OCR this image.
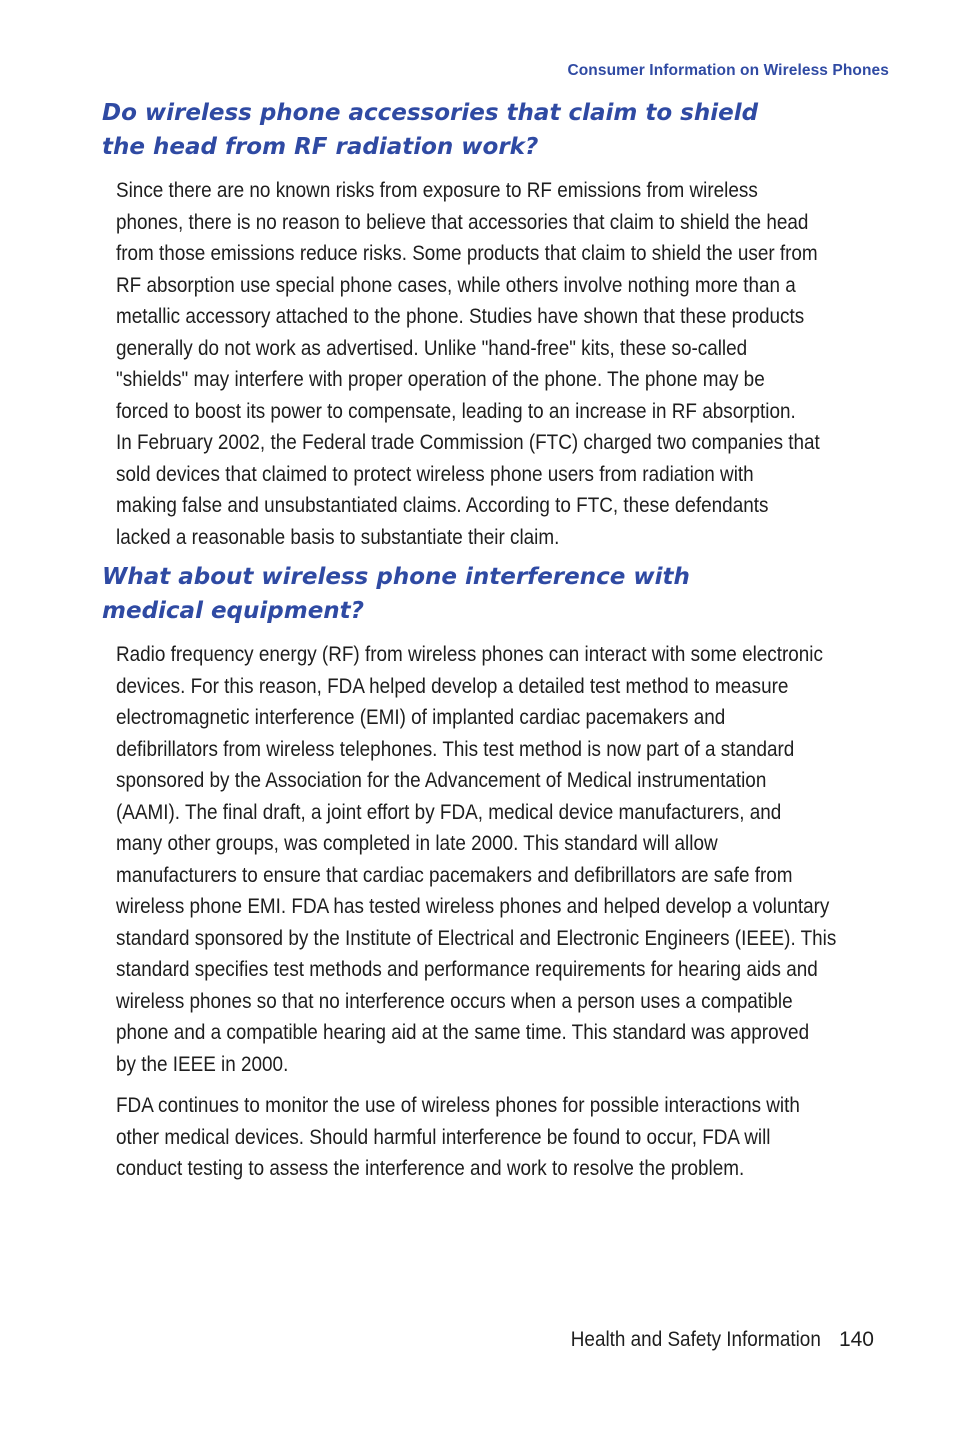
Consumer Information on Wireless Phones
Do wireless phone accessories that claim to shield
the head from RF radiation work?

Since there are no known risks from exposure to RF emissions from wireless
phones, there is no reason to believe that accessories that claim to shield the head
from those emissions reduce risks. Some products that claim to shield the user from
RF absorption use special phone cases, while others involve nothing more than a
metallic accessory attached to the phone. Studies have shown that these products
generally do not work as advertised. Unlike "hand-free" kits, these so-called
"shields" may interfere with proper operation of the phone. The phone may be
forced to boost its power to compensate, leading to an increase in RF absorption.
In February 2002, the Federal trade Commission (FTC) charged two companies that
sold devices that claimed to protect wireless phone users from radiation with
making false and unsubstantiated claims. According to FTC, these defendants
lacked a reasonable basis to substantiate their claim.

What about wireless phone interference with
medical equipment?

Radio frequency energy (RF) from wireless phones can interact with some electronic
devices. For this reason, FDA helped develop a detailed test method to measure
electromagnetic interference (EMI) of implanted cardiac pacemakers and
defibrillators from wireless telephones. This test method is now part of a standard
sponsored by the Association for the Advancement of Medical instrumentation
(AAMI). The final draft, a joint effort by FDA, medical device manufacturers, and
many other groups, was completed in late 2000. This standard will allow
manufacturers to ensure that cardiac pacemakers and defibrillators are safe from
wireless phone EMI. FDA has tested wireless phones and helped develop a voluntary
standard sponsored by the Institute of Electrical and Electronic Engineers (IEEE). This
standard specifies test methods and performance requirements for hearing aids and
wireless phones so that no interference occurs when a person uses a compatible
phone and a compatible hearing aid at the same time. This standard was approved
by the IEEE in 2000.

FDA continues to monitor the use of wireless phones for possible interactions with
other medical devices. Should harmful interference be found to occur, FDA will
conduct testing to assess the interference and work to resolve the problem.

Health and Safety Information 140
